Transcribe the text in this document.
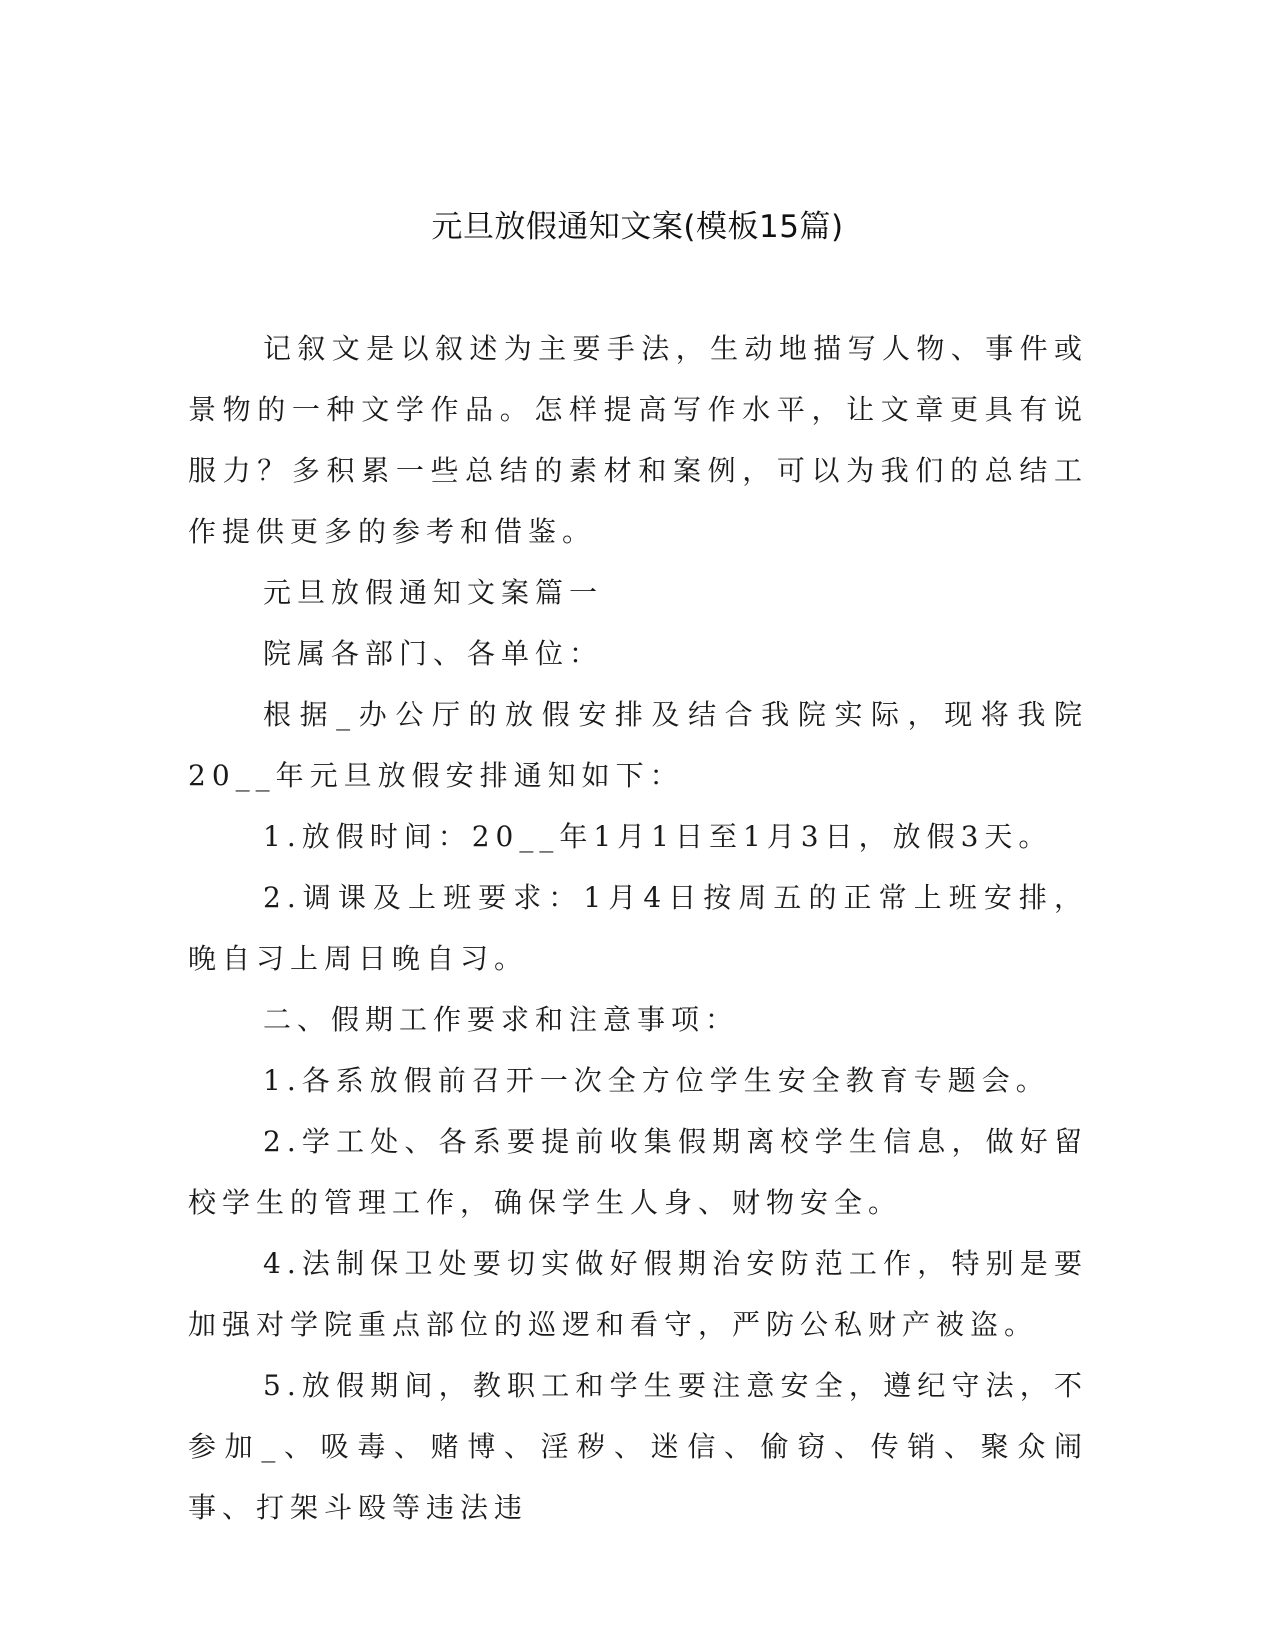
元旦放假通知文案(模板15篇)

记叙文是以叙述为主要手法，生动地描写人物、事件或景物的一种文学作品。怎样提高写作水平，让文章更具有说服力？多积累一些总结的素材和案例，可以为我们的总结工作提供更多的参考和借鉴。

元旦放假通知文案篇一

院属各部门、各单位：

根据_办公厅的放假安排及结合我院实际，现将我院20__年元旦放假安排通知如下：

1.放假时间：20__年1月1日至1月3日，放假3天。

2.调课及上班要求：1月4日按周五的正常上班安排，晚自习上周日晚自习。

二、假期工作要求和注意事项：

1.各系放假前召开一次全方位学生安全教育专题会。

2.学工处、各系要提前收集假期离校学生信息，做好留校学生的管理工作，确保学生人身、财物安全。

4.法制保卫处要切实做好假期治安防范工作，特别是要加强对学院重点部位的巡逻和看守，严防公私财产被盗。

5.放假期间，教职工和学生要注意安全，遵纪守法，不参加_、吸毒、赌博、淫秽、迷信、偷窃、传销、聚众闹事、打架斗殴等违法违
